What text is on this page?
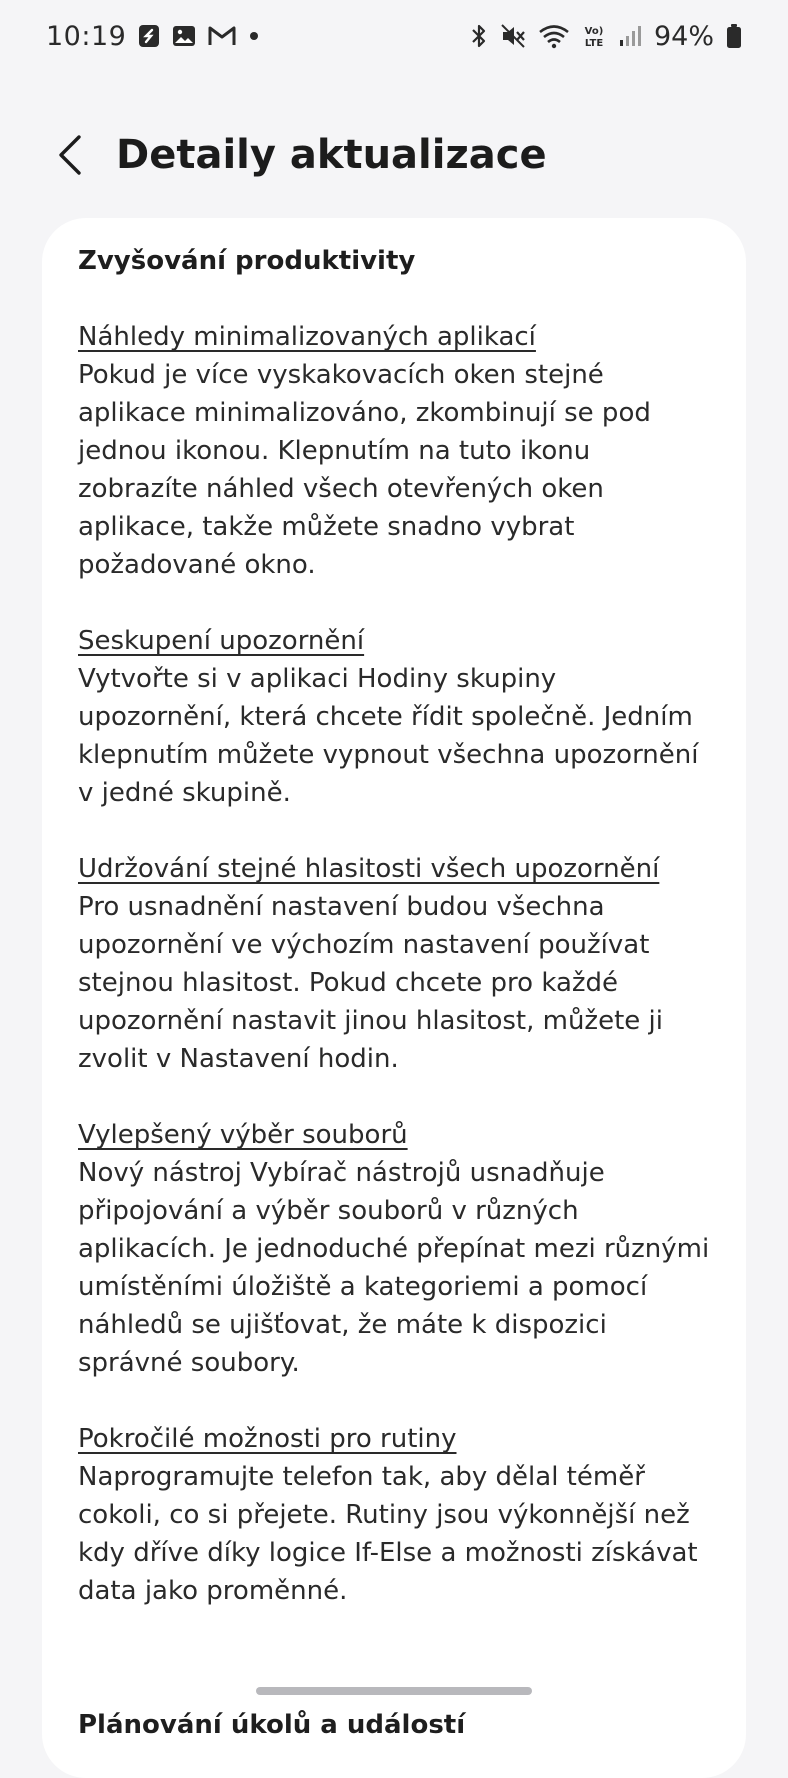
10:19	Vo)
LTE 94%
Detaily aktualizace
Zvyšování produktivity
Náhledy minimalizovaných aplikací

Pokud je více vyskakovacích oken stejné aplikace minimalizováno, zkombinují se pod jednou ikonou. Klepnutím na tuto ikonu zobrazíte náhled všech otevřených oken aplikace, takže můžete snadno vybrat požadované okno.

Seskupení upozornění

Vytvořte si v aplikaci Hodiny skupiny upozornění, která chcete řídit společně. Jedním klepnutím můžete vypnout všechna upozornění v jedné skupině.

Udržování stejné hlasitosti všech upozornění

Pro usnadnění nastavení budou všechna upozornění ve výchozím nastavení používat stejnou hlasitost. Pokud chcete pro každé upozornění nastavit jinou hlasitost, můžete ji zvolit v Nastavení hodin.

Vylepšený výběr souborů

Nový nástroj Vybírač nástrojů usnadňuje připojování a výběr souborů v různých aplikacích. Je jednoduché přepínat mezi různými umístěními úložiště a kategoriemi a pomocí náhledů se ujišťovat, že máte k dispozici správné soubory.

Pokročilé možnosti pro rutiny

Naprogramujte telefon tak, aby dělal téměř cokoli, co si přejete. Rutiny jsou výkonnější než kdy dříve díky logice If-Else a možnosti získávat data jako proměnné.

Plánování úkolů a událostí
